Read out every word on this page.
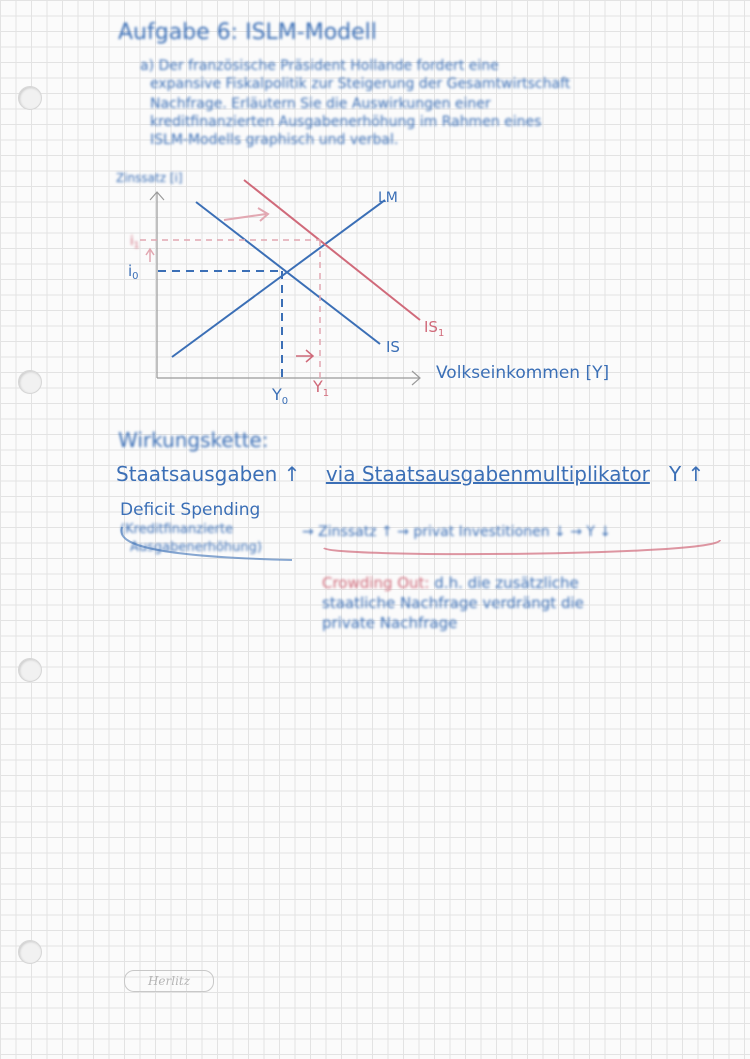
Aufgabe 6: ISLM-Modell
a) Der französische Präsident Hollande fordert eine
expansive Fiskalpolitik zur Steigerung der Gesamtwirtschaft
Nachfrage. Erläutern Sie die Auswirkungen einer
kreditfinanzierten Ausgabenerhöhung im Rahmen eines
ISLM-Modells graphisch und verbal.
Zinssatz [i]
Volkseinkommen [Y]
LM
IS
$IS_1$
$i_0$
$i_1$
$Y_0$
$Y_1$
Wirkungskette:
Staatsausgaben ↑ via Staatsausgabenmultiplikator Y ↑
Deficit Spending
(Kreditfinanzierte
Ausgabenerhöhung)
→ Zinssatz ↑ → privat Investitionen ↓ → Y ↓
Crowding Out: d.h. die zusätzliche
staatliche Nachfrage verdrängt die
private Nachfrage
Herlitz
